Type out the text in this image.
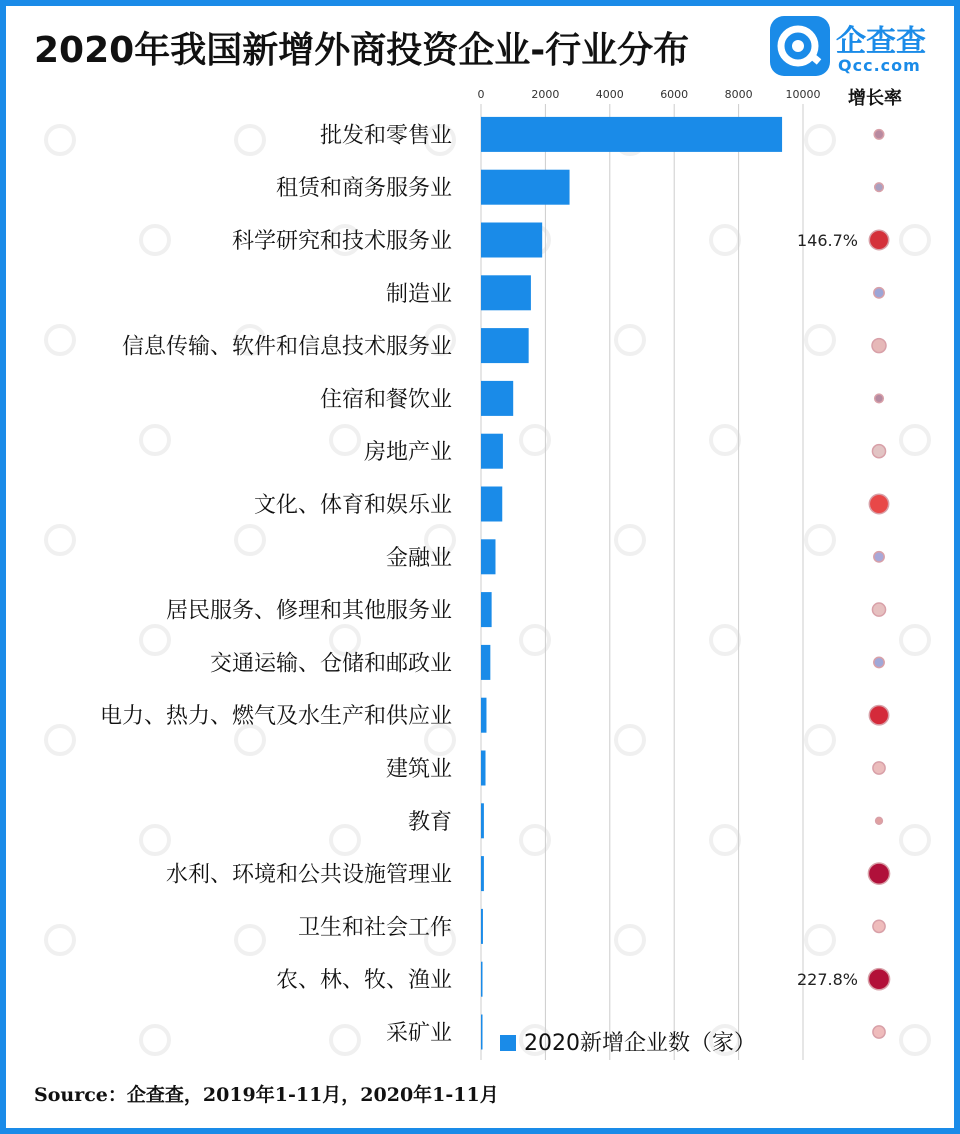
2020年我国新增外商投资企业-行业分布	企查查
Qcc.com
增长率
0	2000	4000	6000	8000	10000
批发和零售业
租赁和商务服务业
科学研究和技术服务业
制造业
信息传输、软件和信息技术服务业
住宿和餐饮业
房地产业
文化、体育和娱乐业
金融业
居民服务、修理和其他服务业
交通运输、仓储和邮政业
电力、热力、燃气及水生产和供应业
建筑业
教育
水利、环境和公共设施管理业
卫生和社会工作
农、林、牧、渔业
采矿业
146.7%
227.8%
2020新增企业数（家）
Source：企查查，2019年1-11月，2020年1-11月
